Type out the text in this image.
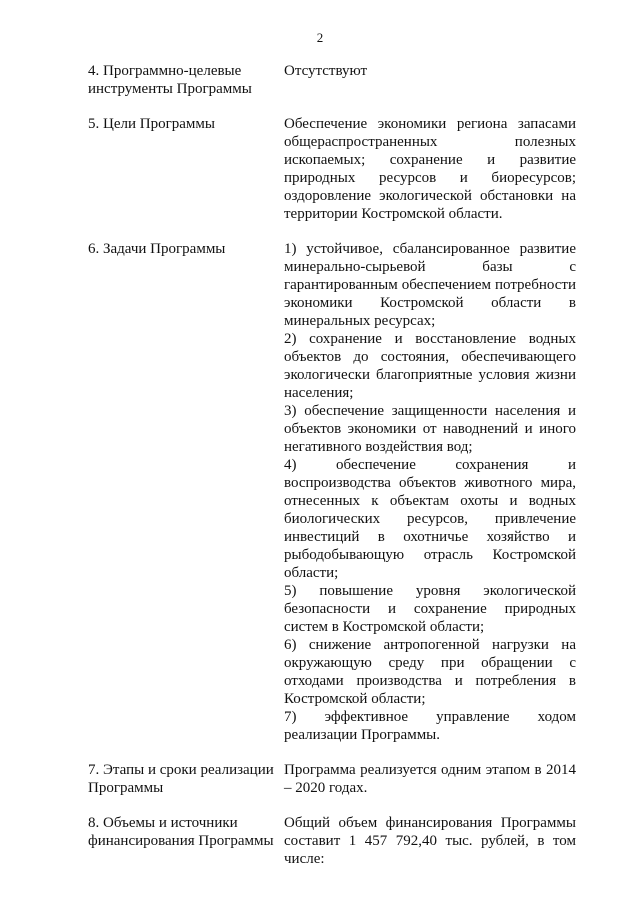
2
4. Программно-целевые инструменты Программы
Отсутствуют
5. Цели Программы	Обеспечение экономики региона запасами общераспространенных полезных ископаемых; сохранение и развитие природных ресурсов и биоресурсов; оздоровление экологической обстановки на территории Костромской области.
6. Задачи Программы	1) устойчивое, сбалансированное развитие минерально-сырьевой базы с гарантированным обеспечением потребности экономики Костромской области в минеральных ресурсах;
2) сохранение и восстановление водных объектов до состояния, обеспечивающего экологически благоприятные условия жизни населения;
3) обеспечение защищенности населения и объектов экономики от наводнений и иного негативного воздействия вод;
4) обеспечение сохранения и воспроизводства объектов животного мира, отнесенных к объектам охоты и водных биологических ресурсов, привлечение инвестиций в охотничье хозяйство и рыбодобывающую отрасль Костромской области;
5) повышение уровня экологической безопасности и сохранение природных систем в Костромской области;
6) снижение антропогенной нагрузки на окружающую среду при обращении с отходами производства и потребления в Костромской области;
7) эффективное управление ходом реализации Программы.
7. Этапы и сроки реализации Программы
Программа реализуется одним этапом в 2014 – 2020 годах.
8. Объемы и источники финансирования Программы
Общий объем финансирования Программы составит 1 457 792,40 тыс. рублей, в том числе:
